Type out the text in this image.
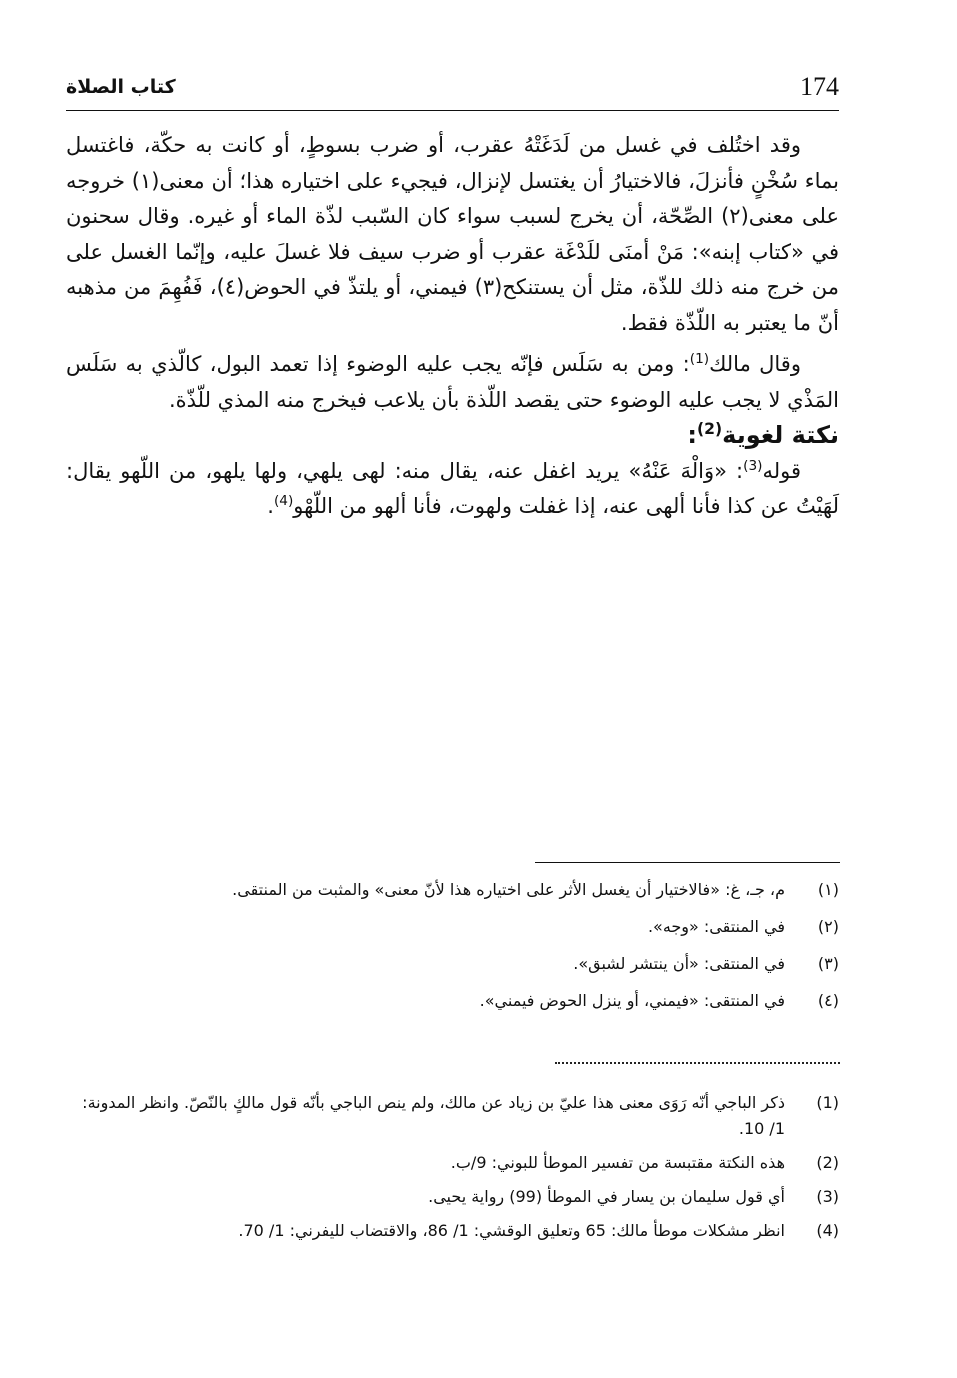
174
كتاب الصلاة

وقد اختُلف في غسل من لَدَغَتْهُ عقرب، أو ضرب بسوطٍ، أو كانت به حكّة، فاغتسل بماء سُخْنٍ فأنزلَ، فالاختيارُ أن يغتسل لإنزال، فيجيء على اختياره هذا؛ أن معنى(١) خروجه على معنى(٢) الصِّحّة، أن يخرج لسبب سواء كان السّبب لذّة الماء أو غيره. وقال سحنون في «كتاب إبنه»: مَنْ أمنَى للَدْغَة عقرب أو ضرب سيف فلا غسلَ عليه، وإنّما الغسل على من خرج منه ذلك للذّة، مثل أن يستنكح(٣) فيمني، أو يلتذّ في الحوض(٤)، فَفُهِمَ من مذهبه أنّ ما يعتبر به اللّذّة فقط.

وقال مالك$^{(1)}$: ومن به سَلَس فإنّه يجب عليه الوضوء إذا تعمد البول، كالّذي به سَلَس المَذْي لا يجب عليه الوضوء حتى يقصد اللّذة بأن يلاعب فيخرج منه المذي للّذّة.

نكتة لغوية$^{(2)}$:

قوله$^{(3)}$: «وَالْهَ عَنْهُ» يريد اغفل عنه، يقال منه: لهى يلهي، ولها يلهو، من اللّهو يقال: لَهَيْتُ عن كذا فأنا ألهى عنه، إذا غفلت ولهوت، فأنا ألهو من اللّهْو$^{(4)}$.

(١)
م، جـ، غ: «فالاختيار أن يغسل الأثر على اختياره هذا لأنّ معنى» والمثبت من المنتقى.
(٢)
في المنتقى: «وجه».
(٣)
في المنتقى: «أن ينتشر لشبق».
(٤)
في المنتقى: «فيمني، أو ينزل الحوض فيمني».
(1)
ذكر الباجي أنّه رَوَى معنى هذا عليّ بن زياد عن مالك، ولم ينص الباجي بأنّه قول مالكٍ بالنّصّ. وانظر المدونة: 1/ 10.
(2)
هذه النكتة مقتبسة من تفسير الموطأ للبوني: 9/ب.
(3)
أي قول سليمان بن يسار في الموطأ (99) رواية يحيى.
(4)
انظر مشكلات موطأ مالك: 65 وتعليق الوقشي: 1/ 86، والاقتضاب لليفرني: 1/ 70.
